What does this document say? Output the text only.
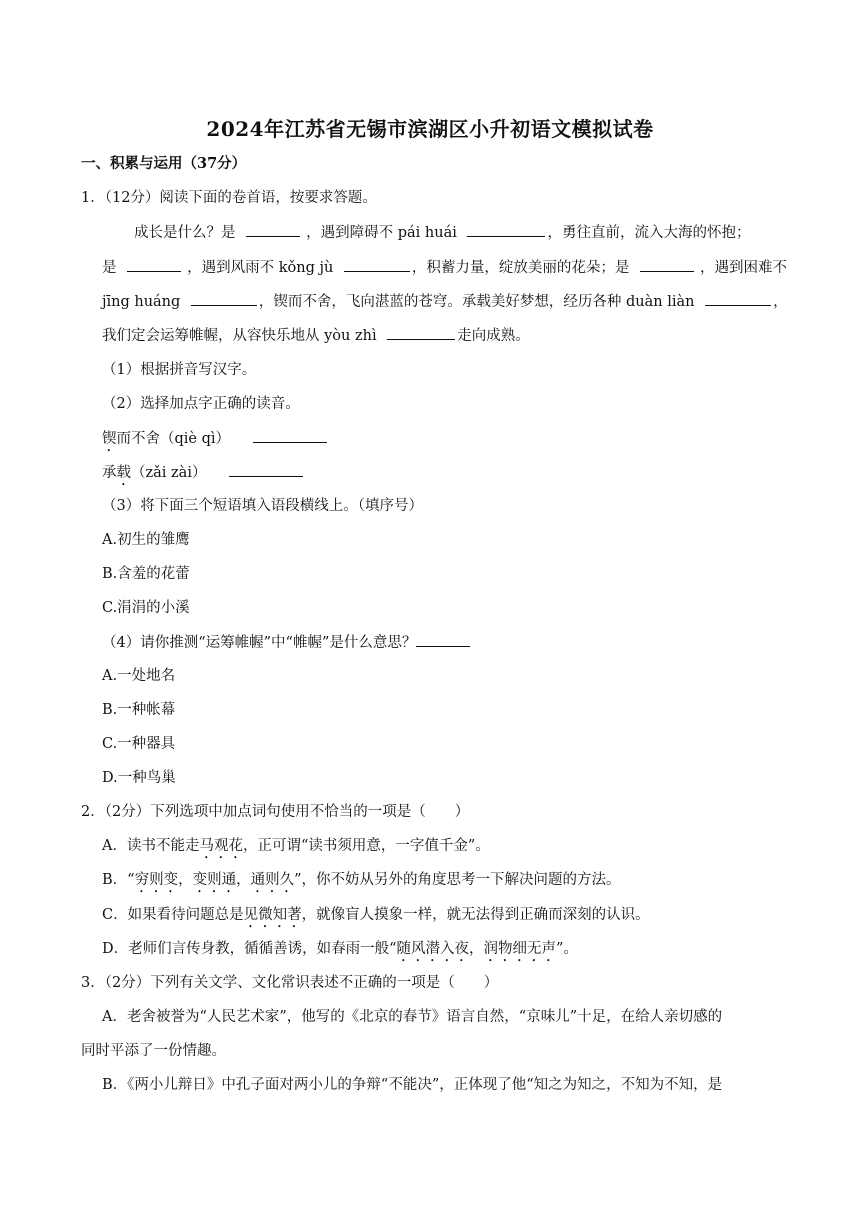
2024年江苏省无锡市滨湖区小升初语文模拟试卷
一、积累与运用（37分）
1．（12分）阅读下面的卷首语，按要求答题。
成长是什么？是	，遇到障碍不 pái huái	，勇往直前，流入大海的怀抱；
是	，遇到风雨不 kǒng jù	，积蓄力量，绽放美丽的花朵；是	，遇到困难不
jīng huáng	，锲而不舍，飞向湛蓝的苍穹。承载美好梦想，经历各种 duàn liàn	，
我们定会运筹帷幄，从容快乐地从 yòu zhì	走向成熟。
（1）根据拼音写汉字。
（2）选择加点字正确的读音。
锲而不舍（qiè qì）
承载（zǎi zài）
（3）将下面三个短语填入语段横线上。（填序号）
A.初生的雏鹰
B.含羞的花蕾
C.涓涓的小溪
（4）请你推测“运筹帷幄”中“帷幄”是什么意思？
A.一处地名
B.一种帐幕
C.一种器具
D.一种鸟巢
2．（2分）下列选项中加点词句使用不恰当的一项是（　　）
A．读书不能走马观花，正可谓“读书须用意，一字值千金”。
B．“穷则变，变则通，通则久”，你不妨从另外的角度思考一下解决问题的方法。
C．如果看待问题总是见微知著，就像盲人摸象一样，就无法得到正确而深刻的认识。
D．老师们言传身教，循循善诱，如春雨一般“随风潜入夜，润物细无声”。
3．（2分）下列有关文学、文化常识表述不正确的一项是（　　）
A．老舍被誉为“人民艺术家”，他写的《北京的春节》语言自然，“京味儿”十足，在给人亲切感的
同时平添了一份情趣。
B．《两小儿辩日》中孔子面对两小儿的争辩“不能决”，正体现了他“知之为知之，不知为不知，是
